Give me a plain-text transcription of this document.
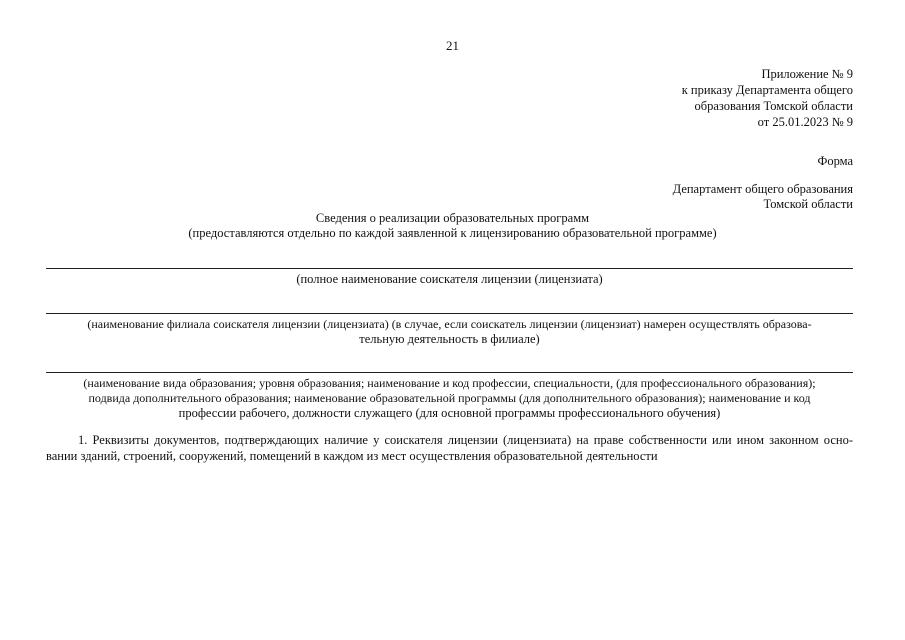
21
Приложение № 9
к приказу Департамента общего
образования Томской области
от 25.01.2023 № 9
Форма
Департамент общего образования
Томской области
Сведения о реализации образовательных программ
(предоставляются отдельно по каждой заявленной к лицензированию образовательной программе)
(полное наименование соискателя лицензии (лицензиата)
(наименование филиала соискателя лицензии (лицензиата) (в случае, если соискатель лицензии (лицензиат) намерен осуществлять образова-
тельную деятельность в филиале)
(наименование вида образования; уровня образования; наименование и код профессии, специальности, (для профессионального образования);
подвида дополнительного образования; наименование образовательной программы (для дополнительного образования); наименование и код
профессии рабочего, должности служащего (для основной программы профессионального обучения)
1. Реквизиты документов, подтверждающих наличие у соискателя лицензии (лицензиата) на праве собственности или ином законном осно-вании зданий, строений, сооружений, помещений в каждом из мест осуществления образовательной деятельности
